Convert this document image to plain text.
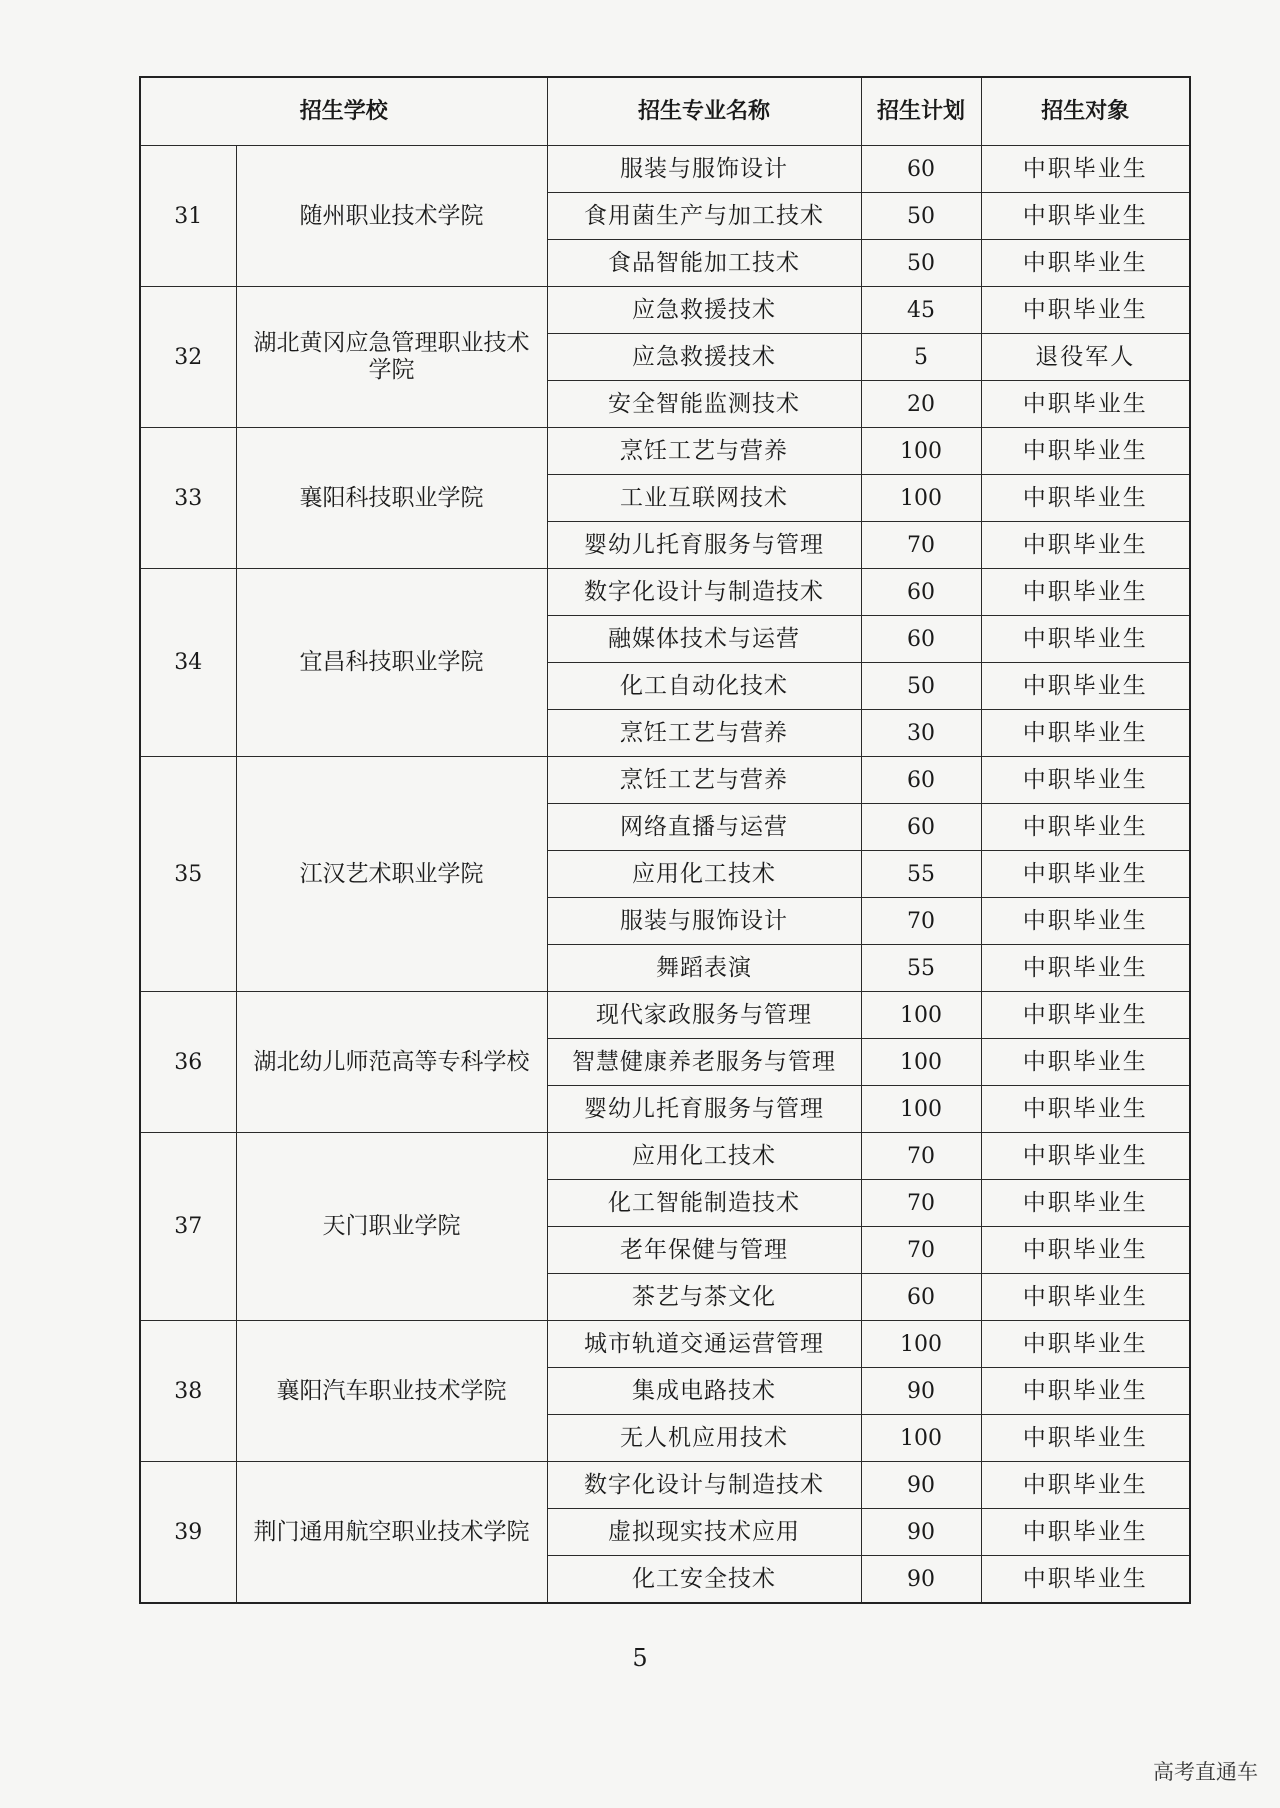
招生学校		招生专业名称	招生计划	招生对象
31	随州职业技术学院	服装与服饰设计	60	中职毕业生
		食用菌生产与加工技术	50	中职毕业生
		食品智能加工技术	50	中职毕业生
32	湖北黄冈应急管理职业技术学院	应急救援技术	45	中职毕业生
		应急救援技术	5	退役军人
		安全智能监测技术	20	中职毕业生
33	襄阳科技职业学院	烹饪工艺与营养	100	中职毕业生
		工业互联网技术	100	中职毕业生
		婴幼儿托育服务与管理	70	中职毕业生
34	宜昌科技职业学院	数字化设计与制造技术	60	中职毕业生
		融媒体技术与运营	60	中职毕业生
		化工自动化技术	50	中职毕业生
		烹饪工艺与营养	30	中职毕业生
35	江汉艺术职业学院	烹饪工艺与营养	60	中职毕业生
		网络直播与运营	60	中职毕业生
		应用化工技术	55	中职毕业生
		服装与服饰设计	70	中职毕业生
		舞蹈表演	55	中职毕业生
36	湖北幼儿师范高等专科学校	现代家政服务与管理	100	中职毕业生
		智慧健康养老服务与管理	100	中职毕业生
		婴幼儿托育服务与管理	100	中职毕业生
37	天门职业学院	应用化工技术	70	中职毕业生
		化工智能制造技术	70	中职毕业生
		老年保健与管理	70	中职毕业生
		茶艺与茶文化	60	中职毕业生
38	襄阳汽车职业技术学院	城市轨道交通运营管理	100	中职毕业生
		集成电路技术	90	中职毕业生
		无人机应用技术	100	中职毕业生
39	荆门通用航空职业技术学院	数字化设计与制造技术	90	中职毕业生
		虚拟现实技术应用	90	中职毕业生
		化工安全技术	90	中职毕业生
5
高考直通车
